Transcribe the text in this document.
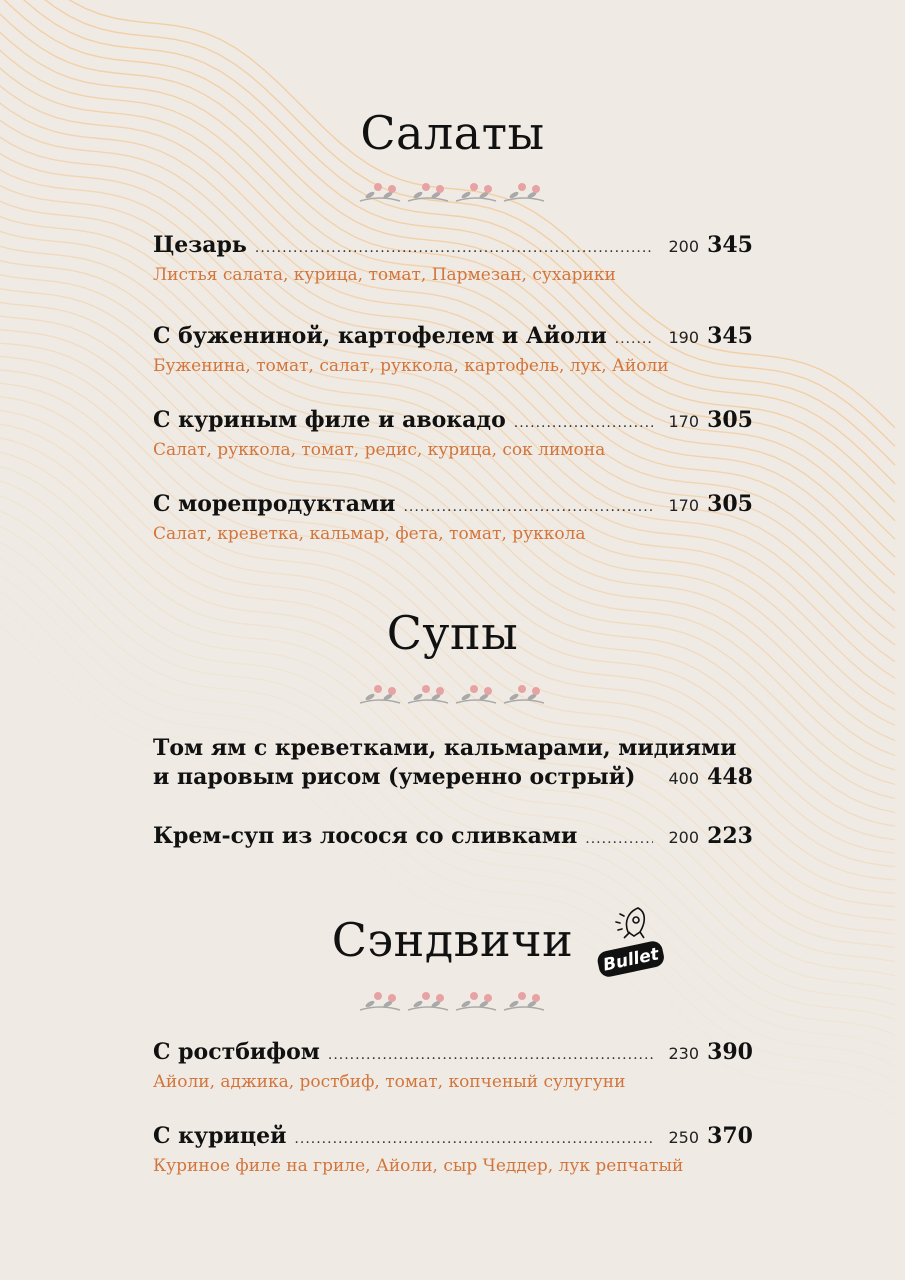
Салаты
Цезарь .....	200 345
Листья салата, курица, томат, Пармезан, сухарики
С бужениной, картофелем и Айоли .....	190 345
Буженина, томат, салат, руккола, картофель, лук, Айоли
С куриным филе и авокадо .....	170 305
Салат, руккола, томат, редис, курица, сок лимона
С морепродуктами .....	170 305
Салат, креветка, кальмар, фета, томат, руккола
Супы
Том ям с креветками, кальмарами, мидиями
и паровым рисом (умеренно острый)	400 448
Крем-суп из лосося со сливками .....	200 223
Сэндвичи	Bullet
С ростбифом .....	230 390
Айоли, аджика, ростбиф, томат, копченый сулугуни
С курицей .....	250 370
Куриное филе на гриле, Айоли, сыр Чеддер, лук репчатый
